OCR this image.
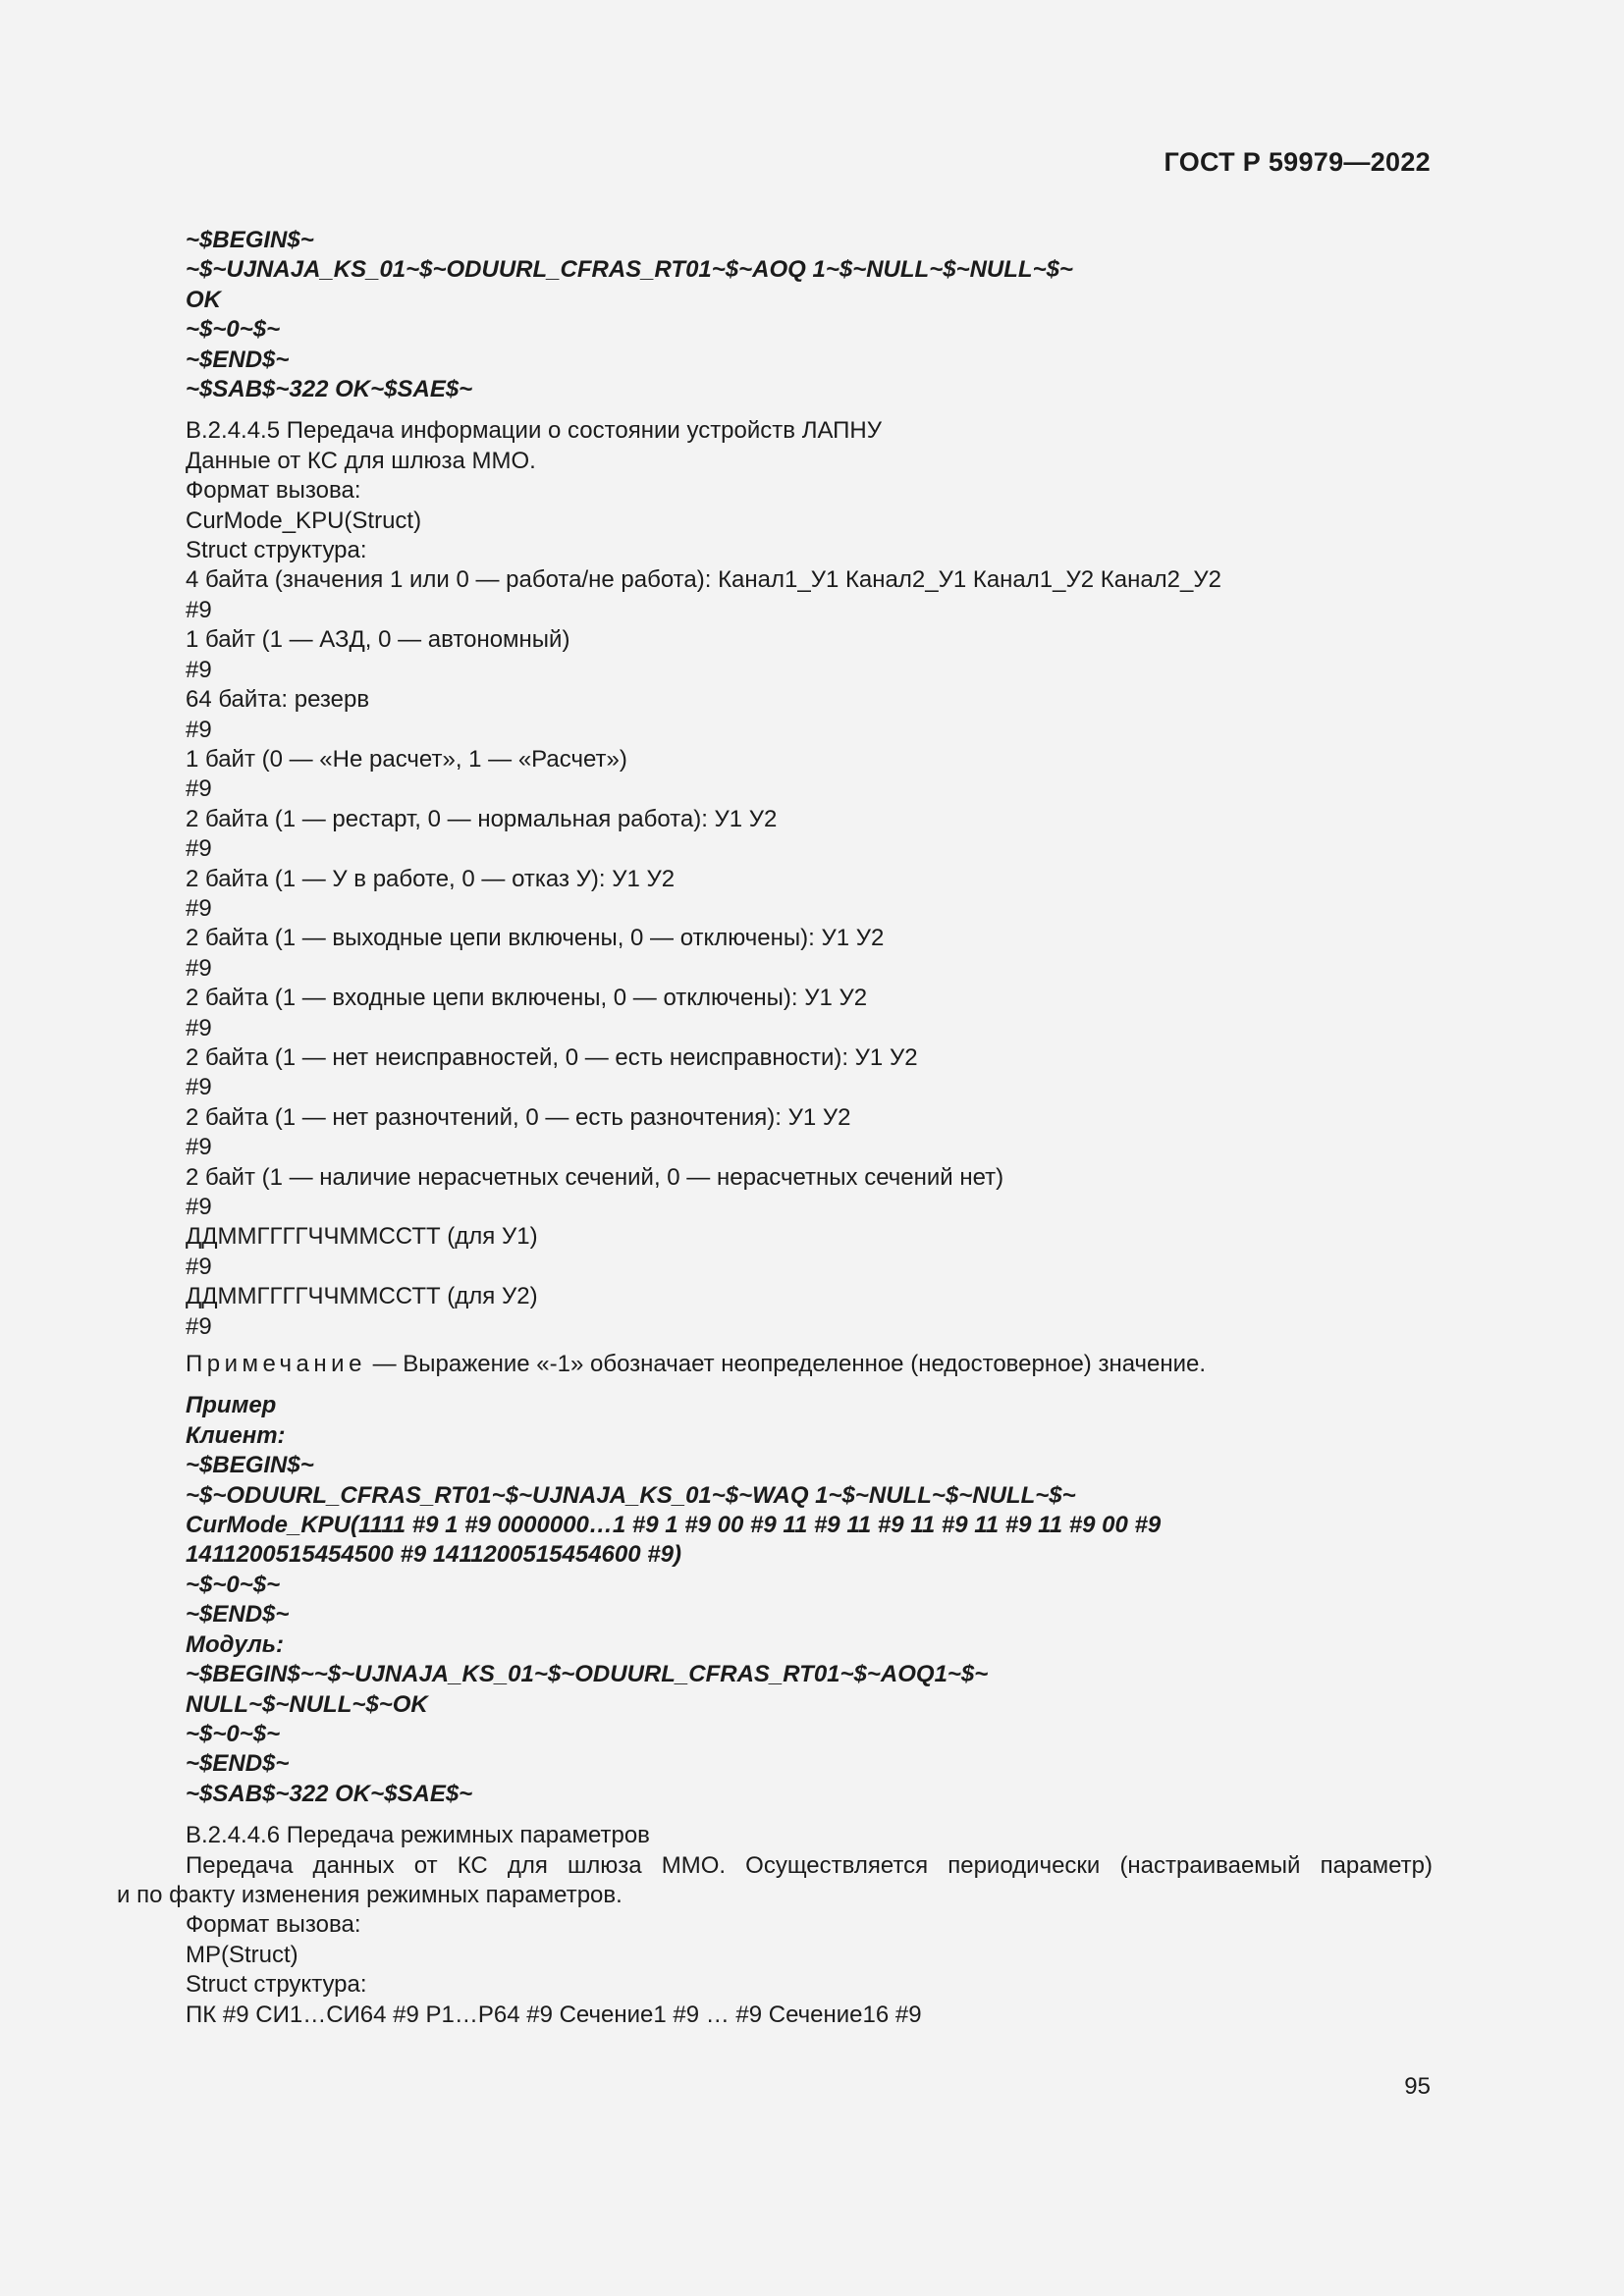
ГОСТ Р 59979—2022
~$BEGIN$~
~$~UJNAJA_KS_01~$~ODUURL_CFRAS_RT01~$~AOQ 1~$~NULL~$~NULL~$~
OK
~$~0~$~
~$END$~
~$SAB$~322 OK~$SAE$~
В.2.4.4.5 Передача информации о состоянии устройств ЛАПНУ
Данные от КС для шлюза ММО.
Формат вызова:
CurMode_KPU(Struct)
Struct структура:
4 байта (значения 1 или 0 — работа/не работа): Канал1_У1 Канал2_У1 Канал1_У2 Канал2_У2
#9
1 байт (1 — АЗД, 0 — автономный)
#9
64 байта: резерв
#9
1 байт (0 — «Не расчет», 1 — «Расчет»)
#9
2 байта (1 — рестарт, 0 — нормальная работа): У1 У2
#9
2 байта (1 — У в работе, 0 — отказ У): У1 У2
#9
2 байта (1 — выходные цепи включены, 0 — отключены): У1 У2
#9
2 байта (1 — входные цепи включены, 0 — отключены): У1 У2
#9
2 байта (1 — нет неисправностей, 0 — есть неисправности): У1 У2
#9
2 байта (1 — нет разночтений, 0 — есть разночтения): У1 У2
#9
2 байт (1 — наличие нерасчетных сечений, 0 — нерасчетных сечений нет)
#9
ДДММГГГГЧЧММССТТ (для У1)
#9
ДДММГГГГЧЧММССТТ (для У2)
#9
Примечание — Выражение «-1» обозначает неопределенное (недостоверное) значение.
Пример
Клиент:
~$BEGIN$~
~$~ODUURL_CFRAS_RT01~$~UJNAJA_KS_01~$~WAQ 1~$~NULL~$~NULL~$~
CurMode_KPU(1111 #9 1 #9 0000000…1 #9 1 #9 00 #9 11 #9 11 #9 11 #9 11 #9 11 #9 00 #9
1411200515454500 #9 1411200515454600 #9)
~$~0~$~
~$END$~
Модуль:
~$BEGIN$~~$~UJNAJA_KS_01~$~ODUURL_CFRAS_RT01~$~AOQ1~$~
NULL~$~NULL~$~OK
~$~0~$~
~$END$~
~$SAB$~322 OK~$SAE$~
В.2.4.4.6 Передача режимных параметров
Передача данных от КС для шлюза ММО. Осуществляется периодически (настраиваемый параметр)
и по факту изменения режимных параметров.
Формат вызова:
MP(Struct)
Struct структура:
ПК #9 СИ1…СИ64 #9 Р1…Р64 #9 Сечение1 #9 … #9 Сечение16 #9
95
